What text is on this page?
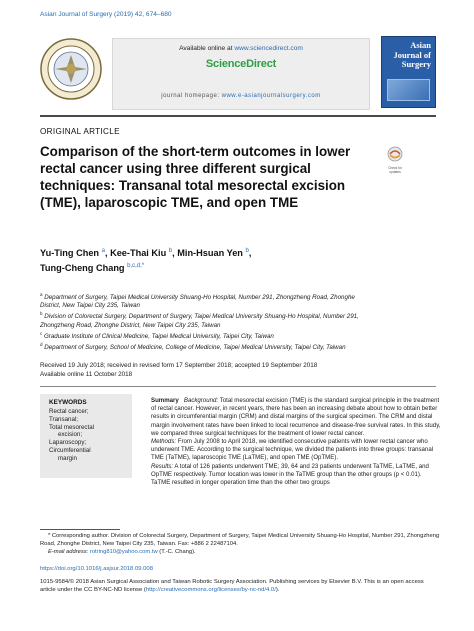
Asian Journal of Surgery (2019) 42, 674–680
Available online at www.sciencedirect.com
ScienceDirect
journal homepage: www.e-asianjournalsurgery.com
Asian
Journal of
Surgery
ORIGINAL ARTICLE
Comparison of the short-term outcomes in lower rectal cancer using three different surgical techniques: Transanal total mesorectal excision (TME), laparoscopic TME, and open TME
Check for
updates
Yu-Ting Chen $^a$, Kee-Thai Kiu $^b$, Min-Hsuan Yen $^b$,
Tung-Cheng Chang $^{b,c,d,*}$

$^a$ Department of Surgery, Taipei Medical University Shuang-Ho Hospital, Number 291, Zhongzheng Road, Zhonghe District, New Taipei City 235, Taiwan

$^b$ Division of Colorectal Surgery, Department of Surgery, Taipei Medical University Shuang-Ho Hospital, Number 291, Zhongzheng Road, Zhonghe District, New Taipei City 235, Taiwan

$^c$ Graduate Institute of Clinical Medicine, Taipei Medical University, Taipei City, Taiwan

$^d$ Department of Surgery, School of Medicine, College of Medicine, Taipei Medical University, Taipei City, Taiwan

Received 19 July 2018; received in revised form 17 September 2018; accepted 19 September 2018
Available online 11 October 2018
KEYWORDS
Rectal cancer;
Transanal;
Total mesorectal
excision;
Laparoscopy;
Circumferential
margin
Summary Background: Total mesorectal excision (TME) is the standard surgical principle in the treatment of rectal cancer. However, in recent years, there has been an increasing debate about how to obtain better results in circumferential margin (CRM) and distal margins of the surgical specimen. The CRM and distal margin involvement rates have been linked to local recurrence and disease-free survival rates. In this study, we compared three surgical techniques for the treatment of lower rectal cancer.
Methods: From July 2008 to April 2018, we identified consecutive patients with lower rectal cancer who underwent TME. According to the surgical technique, we divided the patients into three groups: transanal TME (TaTME), laparoscopic TME (LaTME), and open TME (OpTME).
Results: A total of 126 patients underwent TME; 39, 64 and 23 patients underwent TaTME, LaTME, and OpTME respectively. Tumor location was lower in the TaTME group than the other groups (p < 0.01). TaTME resulted in longer operation time than the other two groups
* Corresponding author. Division of Colorectal Surgery, Department of Surgery, Taipei Medical University Shuang-Ho Hospital, Number 291, Zhongzheng Road, Zhonghe District, New Taipei City 235, Taiwan. Fax: +886 2 22487104.
E-mail address: rotring810@yahoo.com.tw (T.-C. Chang).
https://doi.org/10.1016/j.asjsur.2018.09.008
1015-9584/© 2018 Asian Surgical Association and Taiwan Robotic Surgery Association. Publishing services by Elsevier B.V. This is an open access article under the CC BY-NC-ND license (http://creativecommons.org/licenses/by-nc-nd/4.0/).
